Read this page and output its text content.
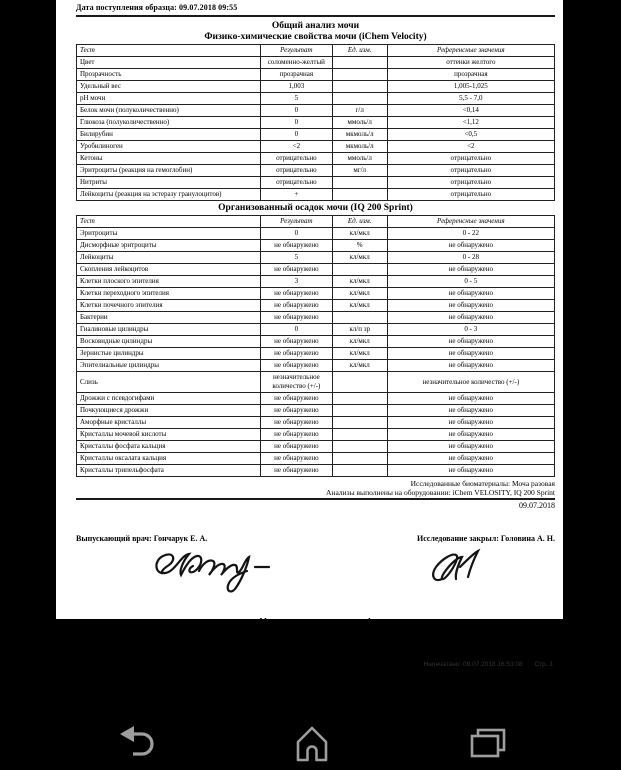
Дата поступления образца: 09.07.2018 09:55
Общий анализ мочи
Физико-химические свойства мочи (iChem Velocity)
Тест	Результат	Ед. изм.	Референсные значения
Цвет	соломенно-желтый		оттенки желтого
Прозрачность	прозрачная		прозрачная
Удельный вес	1,003		1,005-1,025
pH мочи	5		5,5 - 7,0
Белок мочи (полуколичественно)	0	г/л	<0,14
Глюкоза (полуколичественно)	0	ммоль/л	<1,12
Билирубин	0	мкмоль/л	<0,5
Уробилиноген	<2	мкмоль/л	<2
Кетоны	отрицательно	ммоль/л	отрицательно
Эритроциты (реакция на гемоглобин)	отрицательно	мг/л	отрицательно
Нитриты	отрицательно		отрицательно
Лейкоциты (реакция на эстеразу гранулоцитов)	+		отрицательно
Организованный осадок мочи (IQ 200 Sprint)
Тест	Результат	Ед. изм.	Референсные значения
Эритроциты	0	кл/мкл	0 - 22
Дисморфные эритроциты	не обнаружено	%	не обнаружено
Лейкоциты	5	кл/мкл	0 - 28
Скопления лейкоцитов	не обнаружено		не обнаружено
Клетки плоского эпителия	3	кл/мкл	0 - 5
Клетки переходного эпителия	не обнаружено	кл/мкл	не обнаружено
Клетки почечного эпителия	не обнаружено	кл/мкл	не обнаружено
Бактерии	не обнаружено		не обнаружено
Гиалиновые цилиндры	0	кл/п зр	0 - 3
Восковидные цилиндры	не обнаружено	кл/мкл	не обнаружено
Зернистые цилиндры	не обнаружено	кл/мкл	не обнаружено
Эпителиальные цилиндры	не обнаружено	кл/мкл	не обнаружено
Слизь	незначительное количество (+/-)		незначительное количество (+/-)
Дрожжи с псевдогифами	не обнаружено		не обнаружено
Почкующиеся дрожжи	не обнаружено		не обнаружено
Аморфные кристаллы	не обнаружено		не обнаружено
Кристаллы мочевой кислоты	не обнаружено		не обнаружено
Кристаллы фосфата кальция	не обнаружено		не обнаружено
Кристаллы оксалата кальция	не обнаружено		не обнаружено
Кристаллы трипельфосфата	не обнаружено		не обнаружено
Исследованные биоматериалы: Моча разовая
Анализы выполнены на оборудовании: iChem VELOSITY, IQ 200 Sprint
09.07.2018
Выпускающий врач: Гончарук Е. А.	Исследование закрыл: Головина А. Н.
Уважаемые клиенты!
Профиль "Госпитальный скрининг" во всех кабинетах КДЛ "Скайлаб" в субботу за 600р.
Вопросы по телефону 8(800)550-56-06
Напечатано: 09.07.2018 16:53:08 Стр. 1
